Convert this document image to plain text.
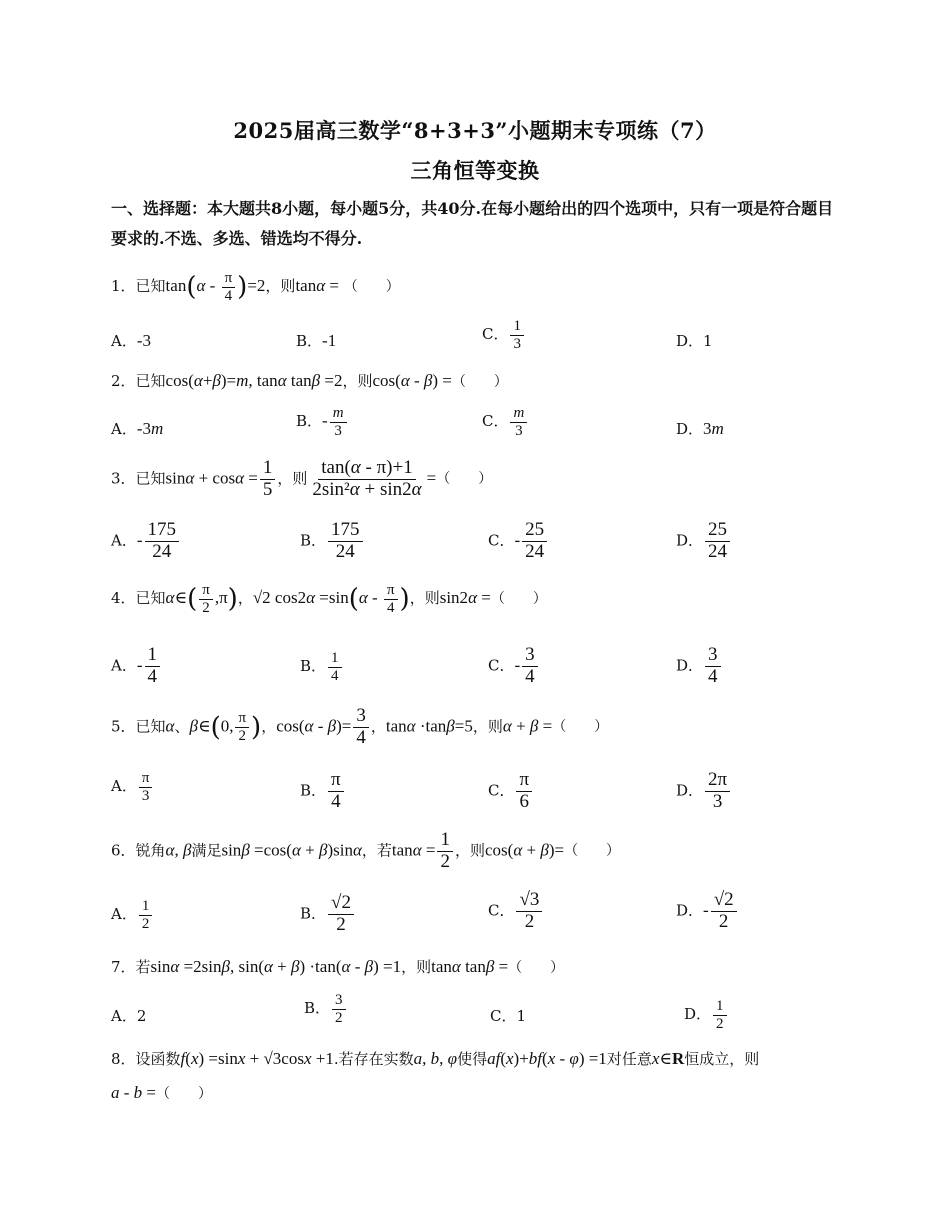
2025届高三数学“8+3+3”小题期末专项练（7）
三角恒等变换
一、选择题：本大题共8小题，每小题5分，共40分.在每小题给出的四个选项中，只有一项是符合题目要求的.不选、多选、错选均不得分.
1．已知$\tan(\alpha - \frac{\pi}{4} )=2$，则tanα = （　　）
A．-3	B．-1	C． $\frac{1}{3}$	D．1
2．已知cos(α+β)=m, tanα tanβ =2，则cos(α - β) =（　　）
A．-3m	B．- $\frac{m}{3}$	C． $\frac{m}{3}$	D．3m
3．已知$\sin\alpha + \cos\alpha = \frac{1}{5}$ ，则 $\frac{\tan(\alpha - \pi)+1}{\text{2sin²α + sin2α}}$ =（　　）
A．- $\frac{175}{24}$	B． $\frac{175}{24}$	C．- $\frac{25}{24}$	D． $\frac{25}{24}$
4．已知α∈( $\frac{\pi}{2} ,\pi$)，√2 $\cos 2\alpha =\sin(\alpha - \frac{\pi}{4}$ )，则sin2α =（　　）
A．- $\frac{1}{4}$	B． $\frac{1}{4}$	C．- $\frac{3}{4}$	D． $\frac{3}{4}$
5．已知α、β∈(0, $\frac{\pi}{2}$ )，$\cos(\alpha - \beta)= \frac{3}{4}$ ，tanα ·tanβ=5，则α + β =（　　）
A． $\frac{\pi}{3}$	B． $\frac{\pi}{4}$	C． $\frac{\pi}{6}$	D． $\frac{2\pi}{3}$
6．锐角α, β满足sinβ =cos(α + β)sinα，若$\tan\alpha = \frac{1}{2}$ ，则cos(α + β)=（　　）
A． $\frac{1}{2}$	B． $\frac{√2}{2}$	C． $\frac{√3}{2}$	D．- $\frac{√2}{2}$
7．若sinα =2sinβ, sin(α + β) ·tan(α - β) =1，则tanα tanβ =（　　）
A．2	B． $\frac{3}{2}$	C．1	D． $\frac{1}{2}$
8．设函数f(x) =sinx + √3cosx +1.若存在实数a, b, φ使得af(x)+bf(x - φ) =1对任意x∈R恒成立，则
a - b =（　　）
